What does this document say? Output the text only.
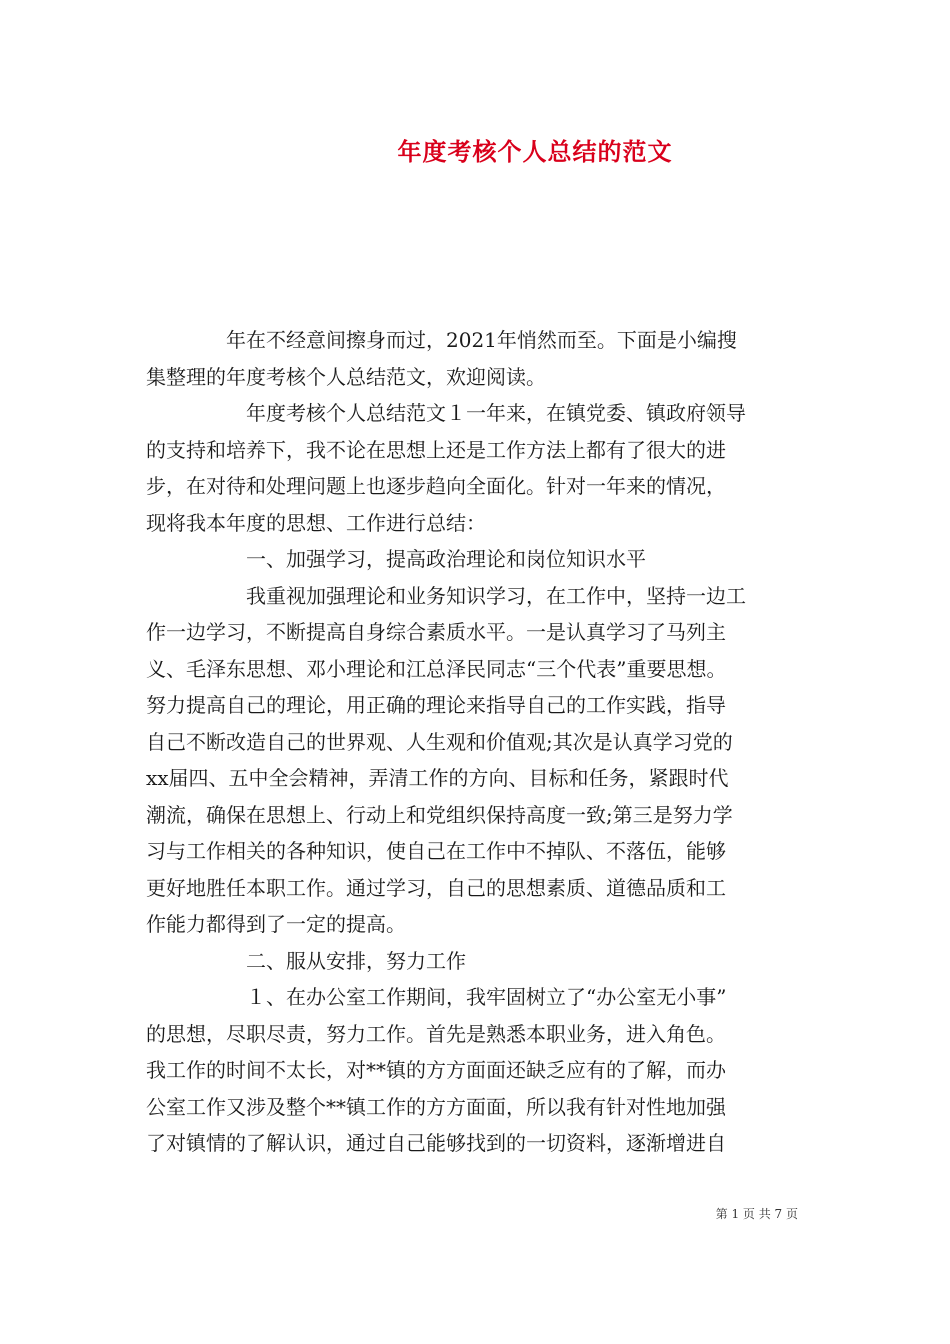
年度考核个人总结的范文

　　　　年在不经意间擦身而过，2021年悄然而至。下面是小编搜

集整理的年度考核个人总结范文，欢迎阅读。

　　　　　年度考核个人总结范文１一年来，在镇党委、镇政府领导

的支持和培养下，我不论在思想上还是工作方法上都有了很大的进

步，在对待和处理问题上也逐步趋向全面化。针对一年来的情况，

现将我本年度的思想、工作进行总结：

　　　　　一、加强学习，提高政治理论和岗位知识水平

　　　　　我重视加强理论和业务知识学习，在工作中，坚持一边工

作一边学习，不断提高自身综合素质水平。一是认真学习了马列主

义、毛泽东思想、邓小理论和江总泽民同志“三个代表”重要思想。

努力提高自己的理论，用正确的理论来指导自己的工作实践，指导

自己不断改造自己的世界观、人生观和价值观;其次是认真学习党的

xx届四、五中全会精神，弄清工作的方向、目标和任务，紧跟时代

潮流，确保在思想上、行动上和党组织保持高度一致;第三是努力学

习与工作相关的各种知识，使自己在工作中不掉队、不落伍，能够

更好地胜任本职工作。通过学习，自己的思想素质、道德品质和工

作能力都得到了一定的提高。

　　　　　二、服从安排，努力工作

　　　　　１、在办公室工作期间，我牢固树立了“办公室无小事”

的思想，尽职尽责，努力工作。首先是熟悉本职业务，进入角色。

我工作的时间不太长，对**镇的方方面面还缺乏应有的了解，而办

公室工作又涉及整个**镇工作的方方面面，所以我有针对性地加强

了对镇情的了解认识，通过自己能够找到的一切资料，逐渐增进自

第 1 页 共 7 页
